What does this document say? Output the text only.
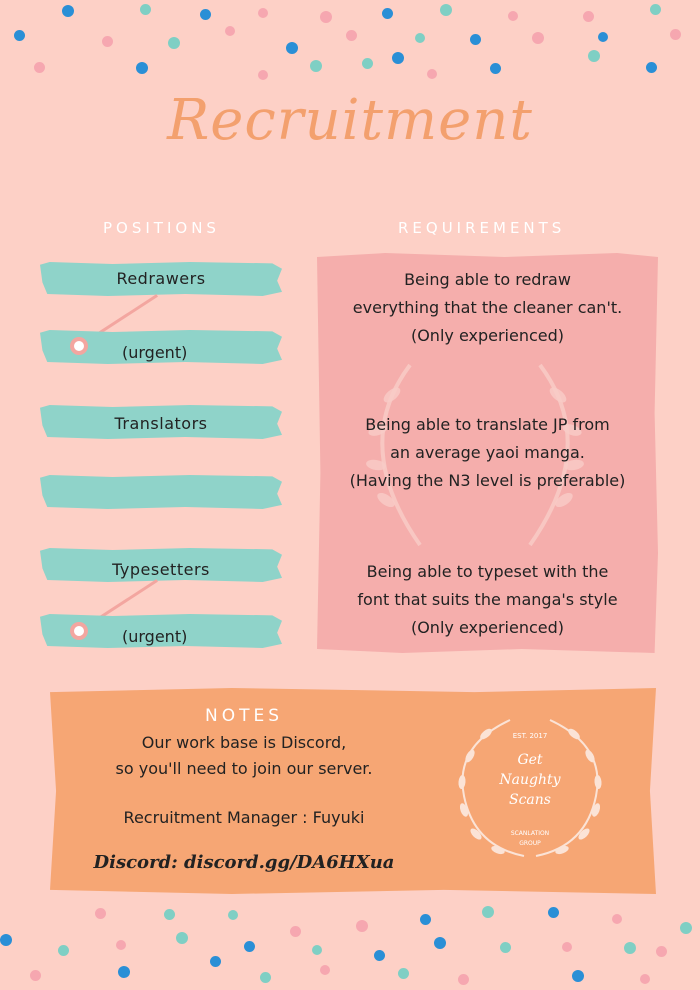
Recruitment
POSITIONS	REQUIREMENTS
Redrawers
(urgent)
Translators
Typesetters
(urgent)
Being able to redraw
everything that the cleaner can't.
(Only experienced)
Being able to translate JP from
an average yaoi manga.
(Having the N3 level is preferable)
Being able to typeset with the
font that suits the manga's style
(Only experienced)
NOTES
Our work base is Discord,
so you'll need to join our server.
Recruitment Manager : Fuyuki
Discord: discord.gg/DA6HXua
EST. 2017
Get
Naughty
Scans
SCANLATION
GROUP
